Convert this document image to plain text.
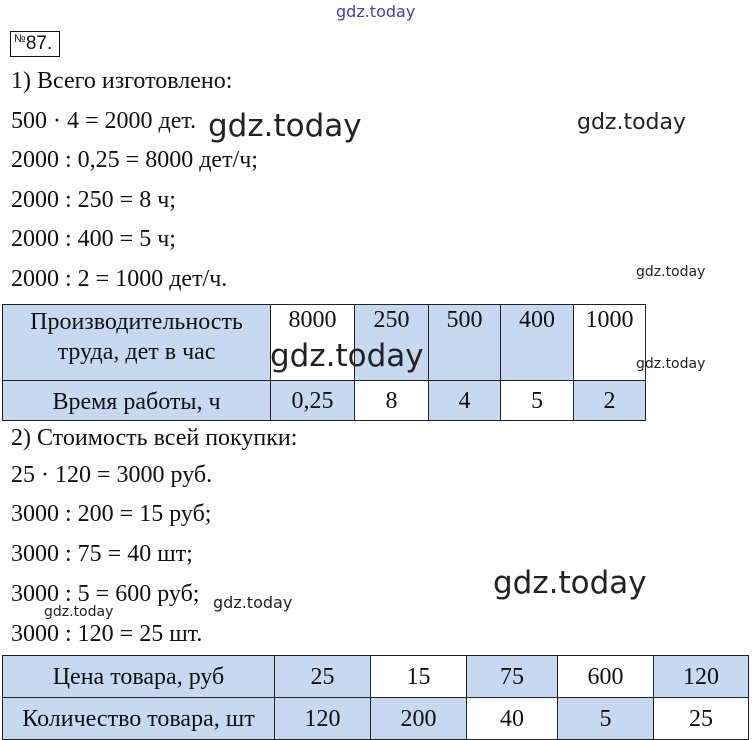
gdz.today
№87.
1) Всего изготовлено:
500 · 4 = 2000 дет.
2000 : 0,25 = 8000 дет/ч;
2000 : 250 = 8 ч;
2000 : 400 = 5 ч;
2000 : 2 = 1000 дет/ч.
gdz.today	gdz.today
gdz.today
Производительность
труда, дет в час	8000	250	500	400	1000
Время работы, ч	0,25	8	4	5	2
gdz.today	gdz.today
2) Стоимость всей покупки:
25 · 120 = 3000 руб.
3000 : 200 = 15 руб;
3000 : 75 = 40 шт;
3000 : 5 = 600 руб;
3000 : 120 = 25 шт.
gdz.today
gdz.today
gdz.today
Цена товара, руб	25	15	75	600	120
Количество товара, шт	120	200	40	5	25
